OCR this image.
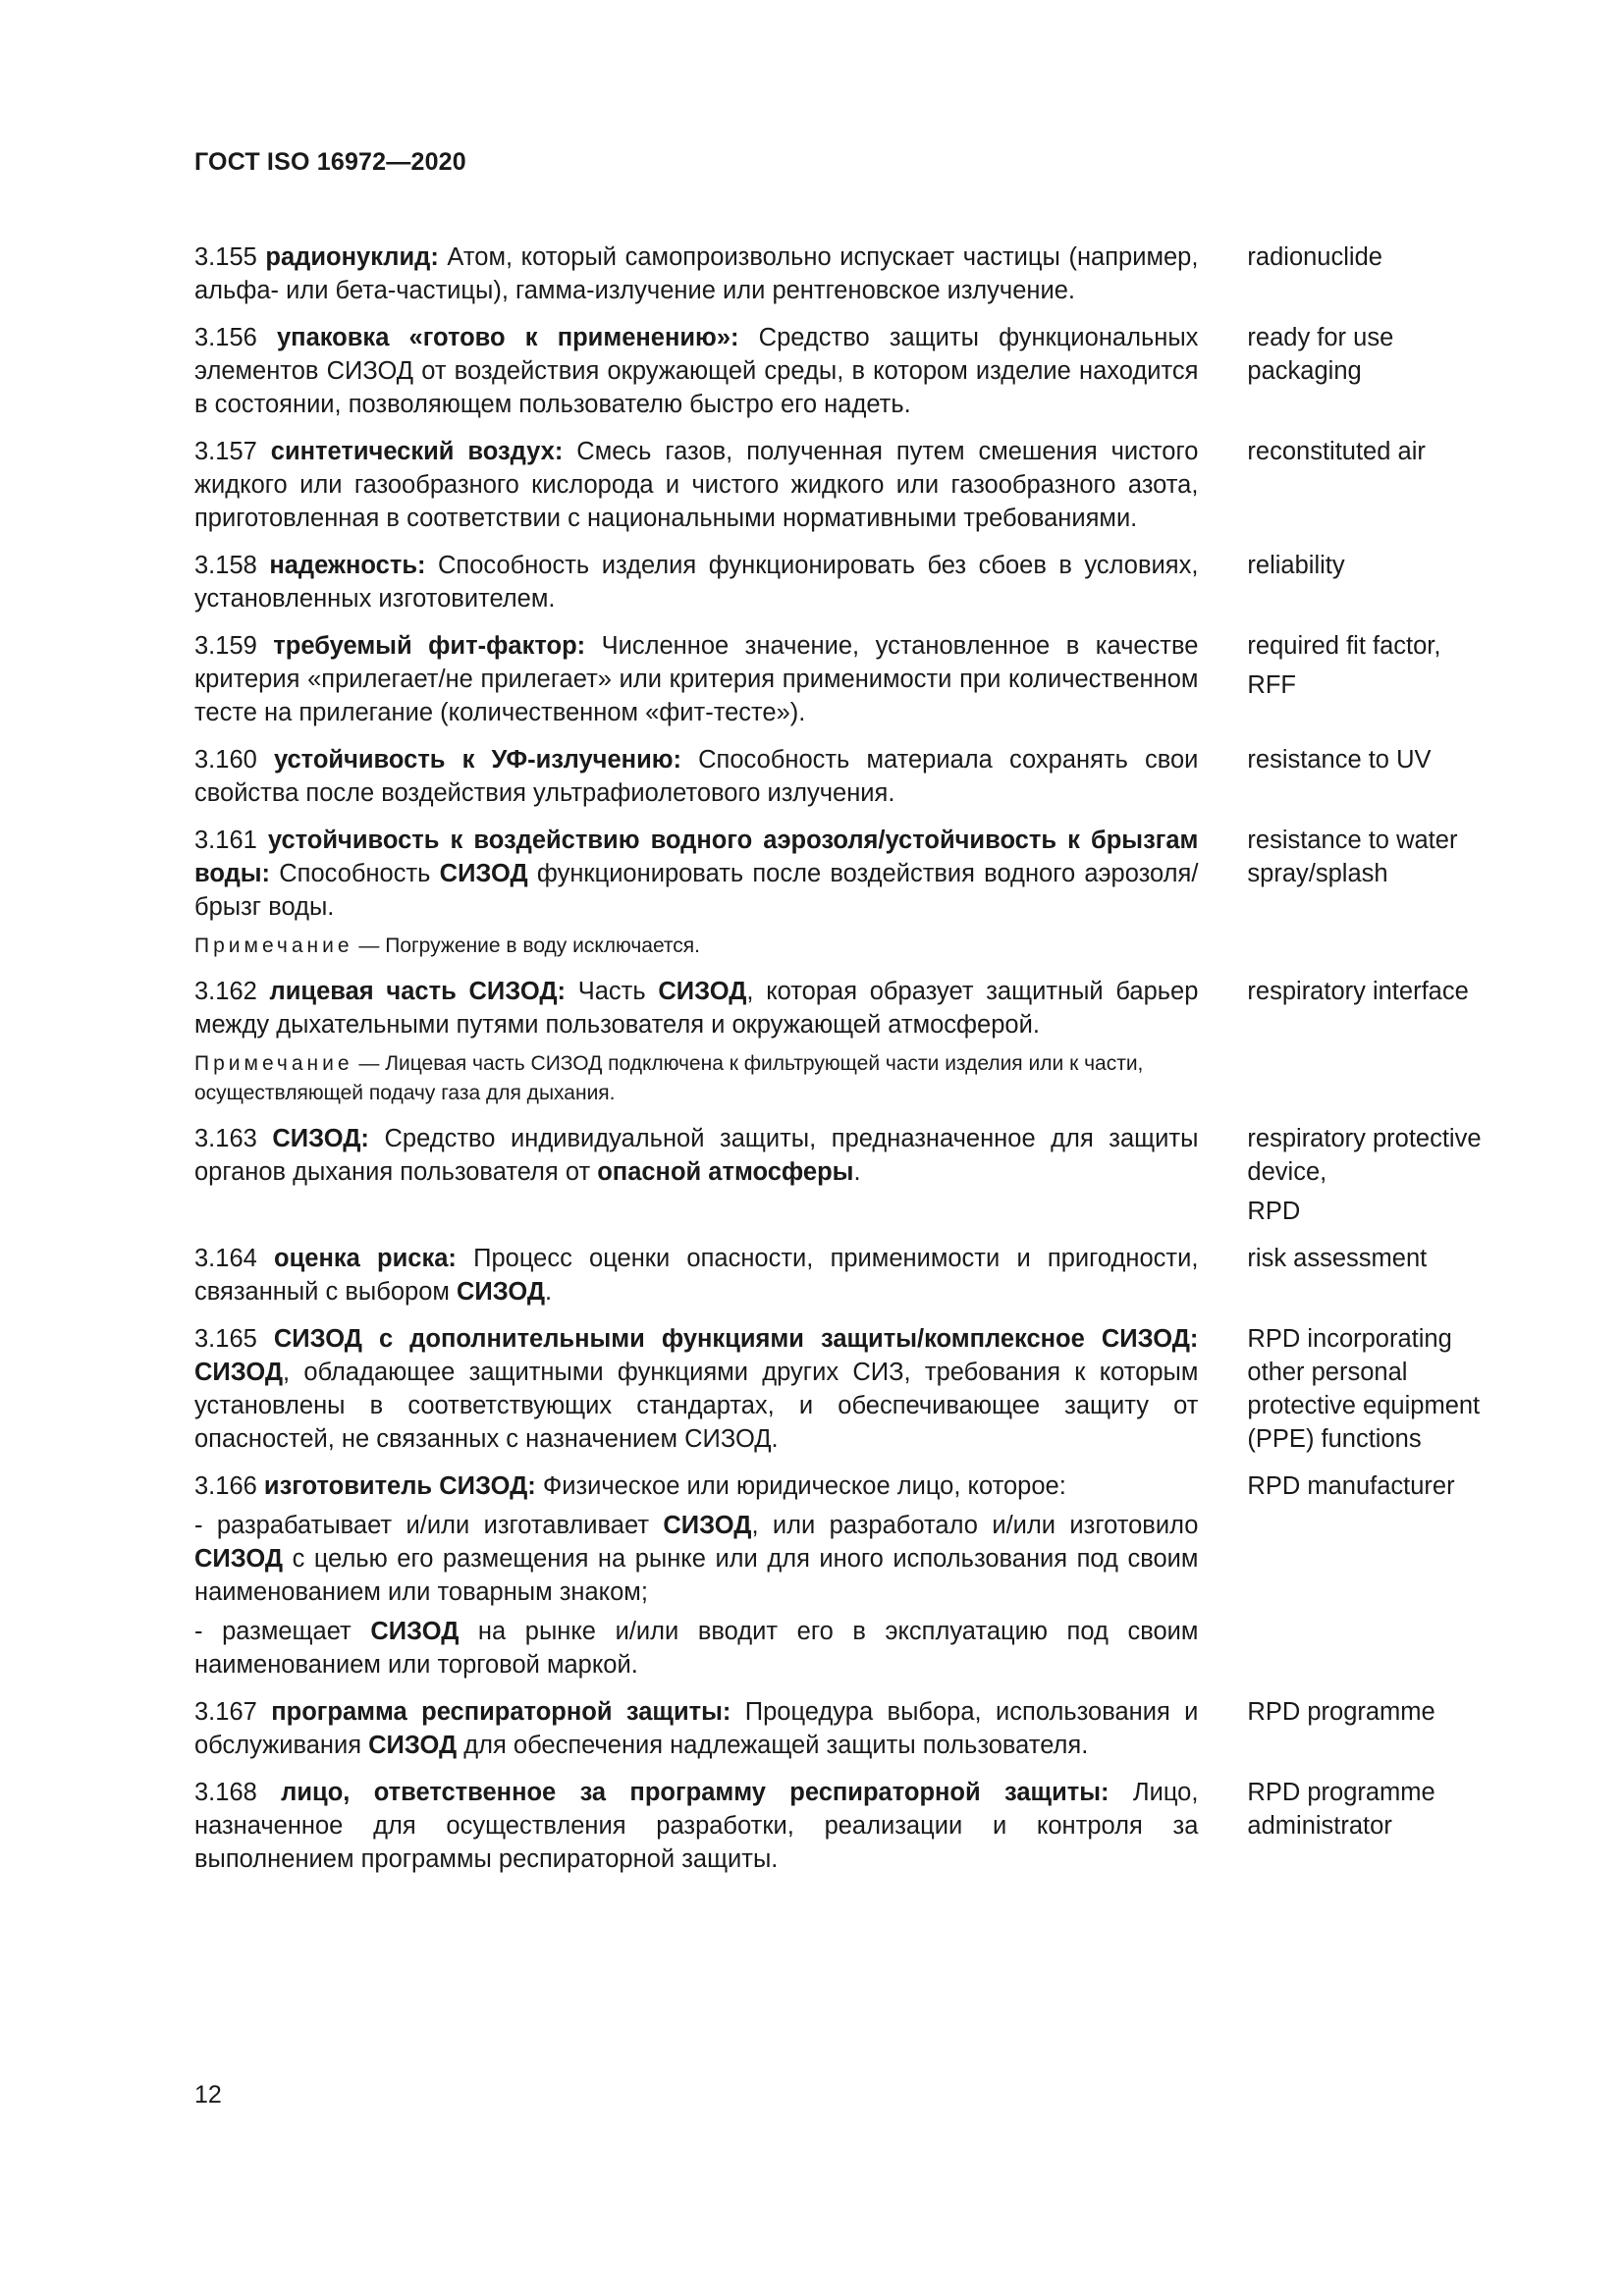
ГОСТ ISO 16972—2020

3.155 радионуклид: Атом, который самопроизвольно испускает частицы (например, альфа- или бета-частицы), гамма-излучение или рентгеновское излучение.

radionuclide

3.156 упаковка «готово к применению»: Средство защиты функциональных элементов СИЗОД от воздействия окружающей среды, в котором изделие находится в состоянии, позволяющем пользователю быстро его надеть.

ready for use packaging

3.157 синтетический воздух: Смесь газов, полученная путем смешения чистого жидкого или газообразного кислорода и чистого жидкого или газообразного азота, приготовленная в соответствии с национальными нормативными требованиями.

reconstituted air

3.158 надежность: Способность изделия функционировать без сбоев в условиях, установленных изготовителем.

reliability

3.159 требуемый фит-фактор: Численное значение, установленное в качестве критерия «прилегает/не прилегает» или критерия применимости при количественном тесте на прилегание (количественном «фит-тесте»).

required fit factor,
RFF

3.160 устойчивость к УФ-излучению: Способность материала сохранять свои свойства после воздействия ультрафиолетового излучения.

resistance to UV

3.161 устойчивость к воздействию водного аэрозоля/устойчивость к брызгам воды: Способность СИЗОД функционировать после воздействия водного аэрозоля/брызг воды.

resistance to water spray/splash
Примечание — Погружение в воду исключается.

3.162 лицевая часть СИЗОД: Часть СИЗОД, которая образует защитный барьер между дыхательными путями пользователя и окружающей атмосферой.

respiratory interface
Примечание — Лицевая часть СИЗОД подключена к фильтрующей части изделия или к части, осуществляющей подачу газа для дыхания.

3.163 СИЗОД: Средство индивидуальной защиты, предназначенное для защиты органов дыхания пользователя от опасной атмосферы.

respiratory protective device,
RPD

3.164 оценка риска: Процесс оценки опасности, применимости и пригодности, связанный с выбором СИЗОД.

risk assessment

3.165 СИЗОД с дополнительными функциями защиты/комплексное СИЗОД: СИЗОД, обладающее защитными функциями других СИЗ, требования к которым установлены в соответствующих стандартах, и обеспечивающее защиту от опасностей, не связанных с назначением СИЗОД.

RPD incorporating other personal protective equipment (PPE) functions

3.166 изготовитель СИЗОД: Физическое или юридическое лицо, которое:

- разрабатывает и/или изготавливает СИЗОД, или разработало и/или изготовило СИЗОД с целью его размещения на рынке или для иного использования под своим наименованием или товарным знаком;

- размещает СИЗОД на рынке и/или вводит его в эксплуатацию под своим наименованием или торговой маркой.

RPD manufacturer

3.167 программа респираторной защиты: Процедура выбора, использования и обслуживания СИЗОД для обеспечения надлежащей защиты пользователя.

RPD programme

3.168 лицо, ответственное за программу респираторной защиты: Лицо, назначенное для осуществления разработки, реализации и контроля за выполнением программы респираторной защиты.

RPD programme administrator
12
